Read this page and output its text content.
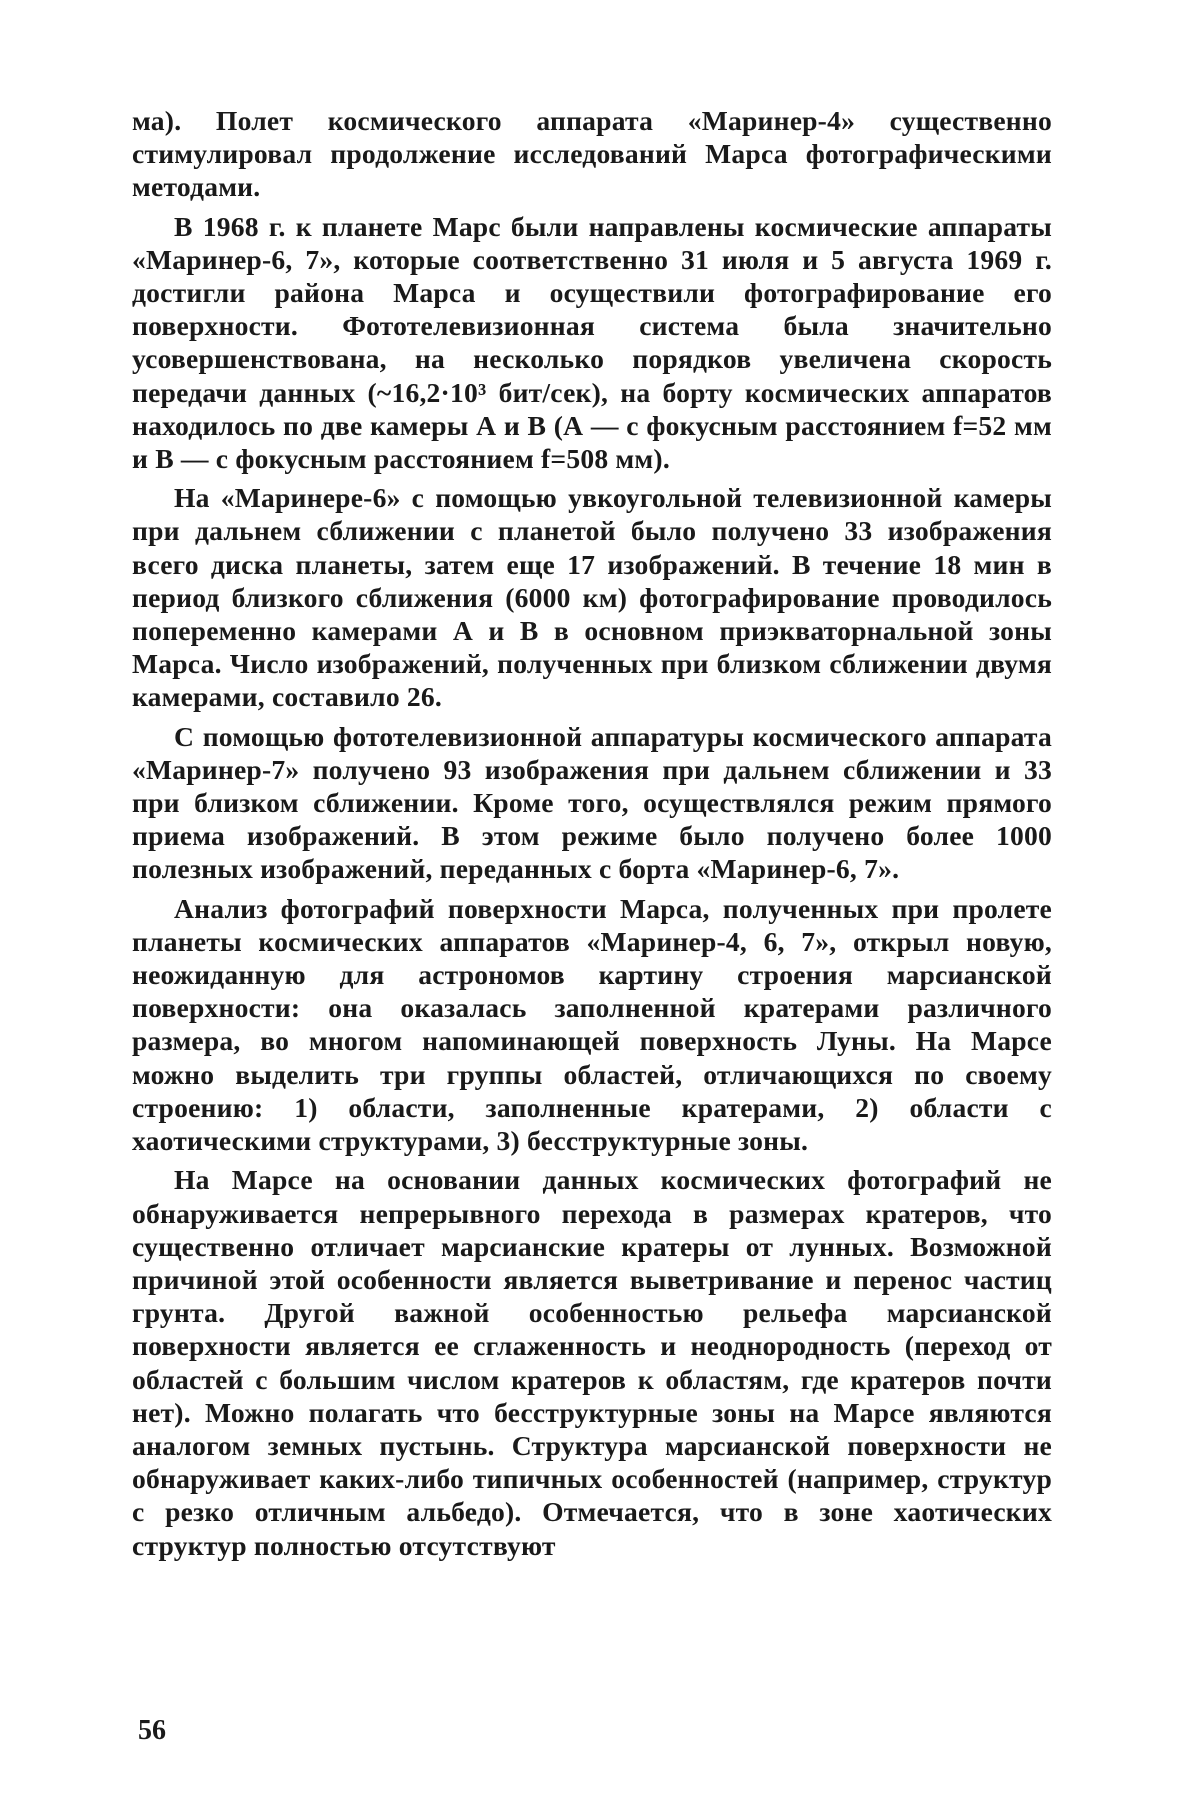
ма). Полет космического аппарата «Маринер-4» существенно стимулировал продолжение исследований Марса фотографическими методами.

В 1968 г. к планете Марс были направлены космические аппараты «Маринер-6, 7», которые соответственно 31 июля и 5 августа 1969 г. достигли района Марса и осуществили фотографирование его поверхности. Фототелевизионная система была значительно усовершенствована, на несколько порядков увеличена скорость передачи данных (~16,2·10³ бит/сек), на борту космических аппаратов находилось по две камеры А и В (А — с фокусным расстоянием f=52 мм и В — с фокусным расстоянием f=508 мм).

На «Маринере-6» с помощью увкоугольной телевизионной камеры при дальнем сближении с планетой было получено 33 изображения всего диска планеты, затем еще 17 изображений. В течение 18 мин в период близкого сближения (6000 км) фотографирование проводилось попеременно камерами А и В в основном приэкваторнальной зоны Марса. Число изображений, полученных при близком сближении двумя камерами, составило 26.

С помощью фототелевизионной аппаратуры космического аппарата «Маринер-7» получено 93 изображения при дальнем сближении и 33 при близком сближении. Кроме того, осуществлялся режим прямого приема изображений. В этом режиме было получено более 1000 полезных изображений, переданных с борта «Маринер-6, 7».

Анализ фотографий поверхности Марса, полученных при пролете планеты космических аппаратов «Маринер-4, 6, 7», открыл новую, неожиданную для астрономов картину строения марсианской поверхности: она оказалась заполненной кратерами различного размера, во многом напоминающей поверхность Луны. На Марсе можно выделить три группы областей, отличающихся по своему строению: 1) области, заполненные кратерами, 2) области с хаотическими структурами, 3) бесструктурные зоны.

На Марсе на основании данных космических фотографий не обнаруживается непрерывного перехода в размерах кратеров, что существенно отличает марсианские кратеры от лунных. Возможной причиной этой особенности является выветривание и перенос частиц грунта. Другой важной особенностью рельефа марсианской поверхности является ее сглаженность и неоднородность (переход от областей с большим числом кратеров к областям, где кратеров почти нет). Можно полагать что бесструктурные зоны на Марсе являются аналогом земных пустынь. Структура марсианской поверхности не обнаруживает каких-либо типичных особенностей (например, структур с резко отличным альбедо). Отмечается, что в зоне хаотических структур полностью отсутствуют

56
